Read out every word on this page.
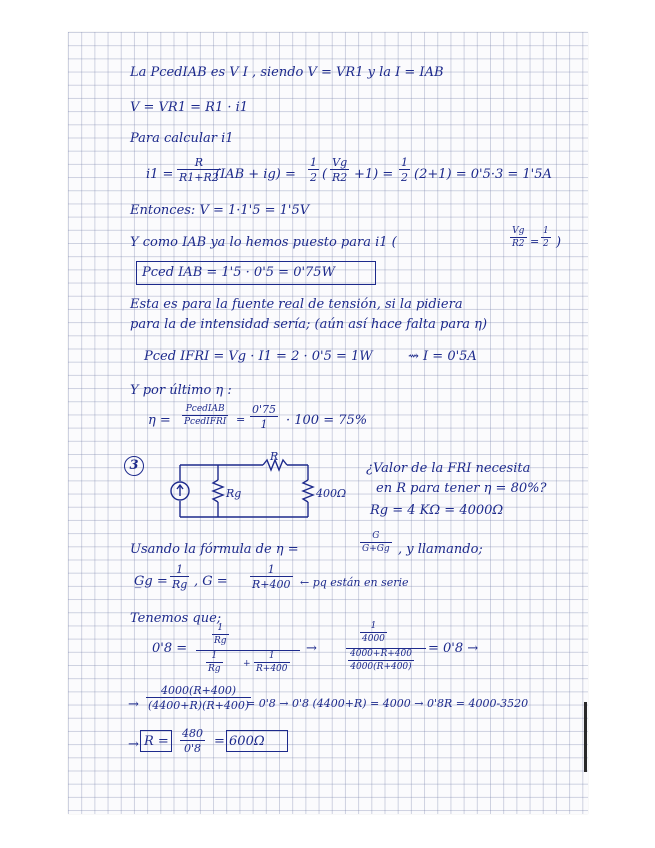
La P‌cedIAB es V I , siendo V = V‌R1 y la I = I‌AB
V = V‌R1 = R1 · i1
Para calcular i1
$i1 = \frac{R}{R1+R2}$
(I‌AB + $ig) = \frac{1}{2}$ ( $\frac{Vg}{R2} +1) = \frac{1}{2} (2+1) = 0'5\cdot 3 = 1'5A$
Entonces: V = 1·1'5 = 1'5V
Y como I‌AB ya lo hemos puesto para i1 (	$\frac{Vg}{R2} = \frac{1}{2}$ )
Pced IAB = 1'5 · 0'5 = 0'75W
Esta es para la fuente real de tensión, si la pidiera
para la de intensidad sería; (aún así hace falta para η)
Pced IFRI = Vg · I1 = 2 · 0'5 = 1W	⇝ I = 0'5A
Y por último η :
η =
PcedIAB
PcedIFRI = $\frac{0'75}{1} \cdot 100 = 75\%$
3
R
Rg	400Ω
¿Valor de la FRI necesita
en R para tener η = 80%?
Rg = 4 KΩ = 4000Ω
Usando la fórmula de η =	$\frac{G}{G+Gg}$ , y llamando;
G̲g = $\frac{1}{Rg}$ , $G = \frac{1}{R+400}$ ← pq están en serie
Tenemos que;
0'8 =
$\frac{1}{Rg}$
$\frac{1}{Rg} + \frac{1}{R+400}$
→
$\frac{1}{4000}$
$\frac{4000+R+400}{4000(R+400)}$
= 0'8 →
→ $\frac{4000(R+400)}{(4400+R)(R+400)}$
= 0'8 → 0'8 (4400+R) = 4000 → 0'8R = 4000-3520
→ $R = \frac{480}{0'8} = 600\Omega$
